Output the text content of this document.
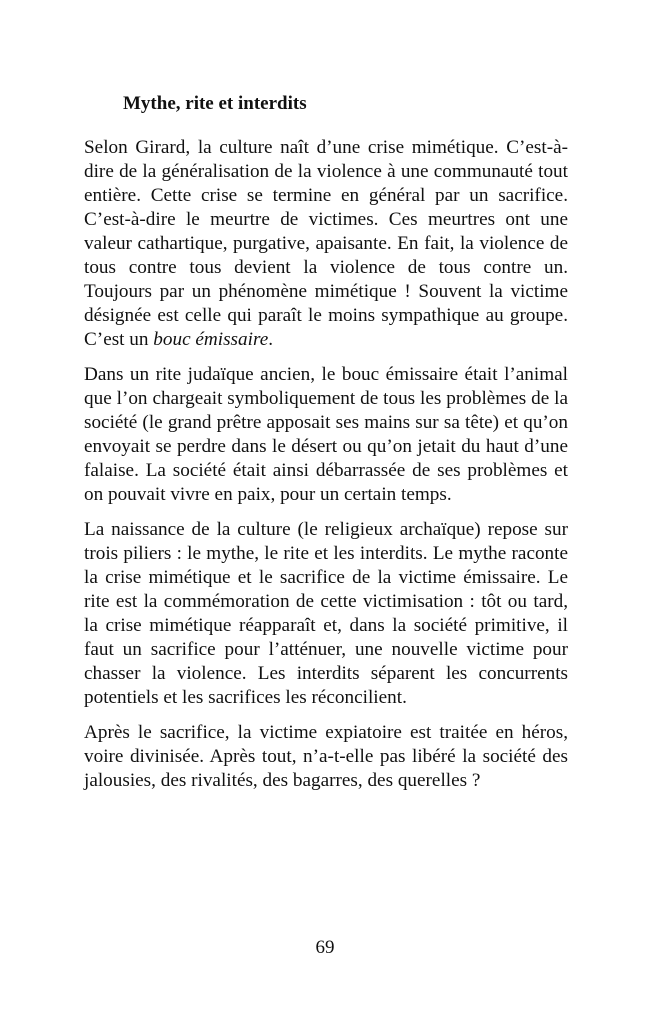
Mythe, rite et interdits

Selon Girard, la culture naît d’une crise mimétique. C’est-à-dire de la généralisation de la violence à une communauté tout entière. Cette crise se termine en général par un sacrifice. C’est-à-dire le meurtre de victimes. Ces meurtres ont une valeur cathartique, purgative, apaisante. En fait, la violence de tous contre tous devient la violence de tous contre un. Toujours par un phénomène mimétique ! Souvent la victime désignée est celle qui paraît le moins sympathique au groupe. C’est un bouc émissaire.

Dans un rite judaïque ancien, le bouc émissaire était l’animal que l’on chargeait symboliquement de tous les problèmes de la société (le grand prêtre apposait ses mains sur sa tête) et qu’on envoyait se perdre dans le désert ou qu’on jetait du haut d’une falaise. La société était ainsi débarrassée de ses problèmes et on pouvait vivre en paix, pour un certain temps.

La naissance de la culture (le religieux archaïque) repose sur trois piliers : le mythe, le rite et les interdits. Le mythe raconte la crise mimétique et le sacrifice de la victime émissaire. Le rite est la commémoration de cette victimisation : tôt ou tard, la crise mimétique réapparaît et, dans la société primitive, il faut un sacrifice pour l’atténuer, une nouvelle victime pour chasser la violence. Les interdits séparent les concurrents potentiels et les sacrifices les réconcilient.

Après le sacrifice, la victime expiatoire est traitée en héros, voire divinisée. Après tout, n’a-t-elle pas libéré la société des jalousies, des rivalités, des bagarres, des querelles ?

69
